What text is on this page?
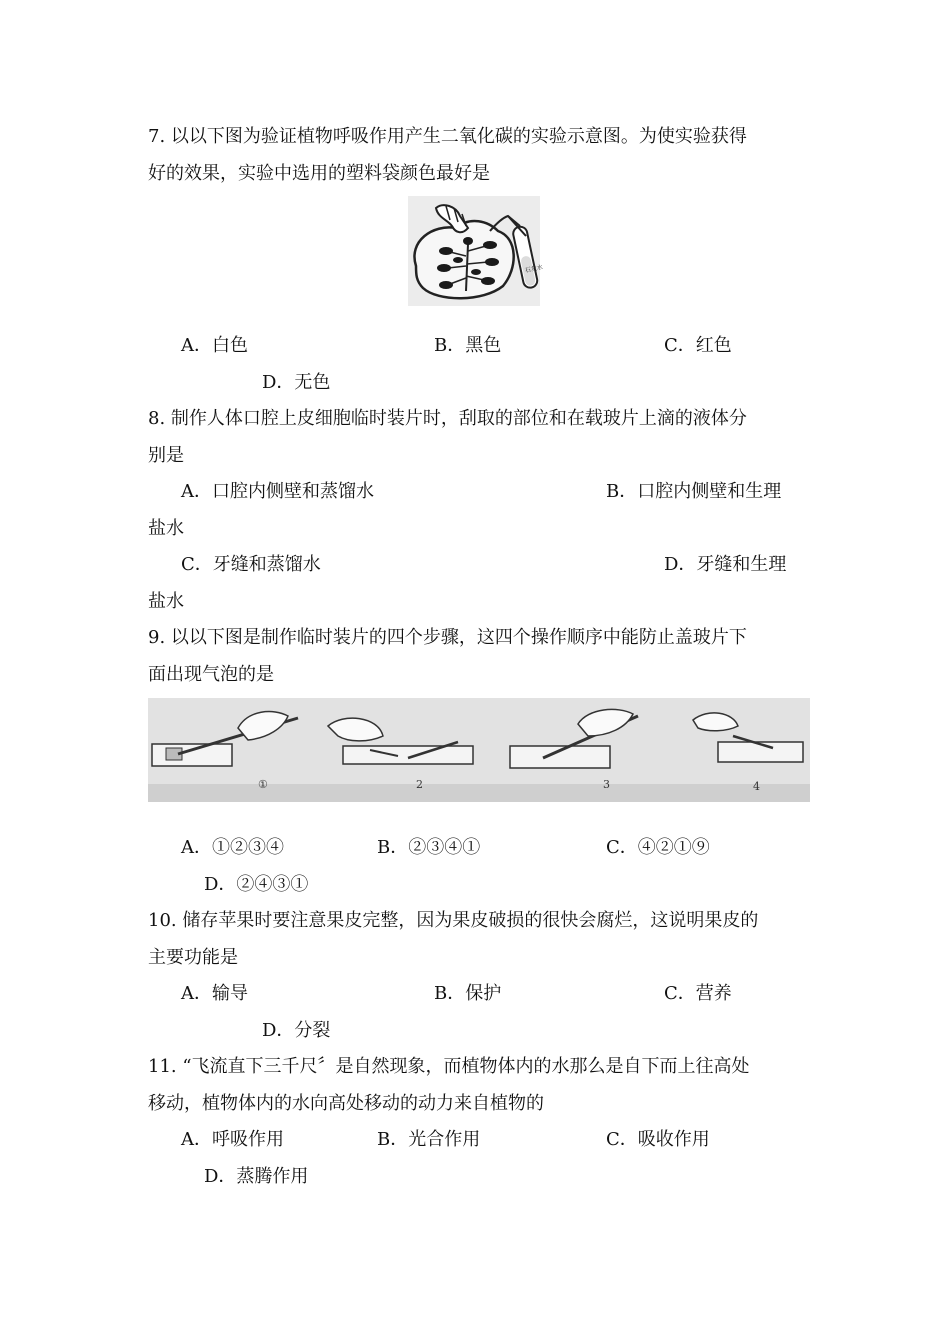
7. 以以下图为验证植物呼吸作用产生二氧化碳的实验示意图。为使实验获得
好的效果，实验中选用的塑料袋颜色最好是
石灰水
A．白色	B．黑色	C．红色
D．无色
8. 制作人体口腔上皮细胞临时装片时，刮取的部位和在载玻片上滴的液体分
别是
A．口腔内侧壁和蒸馏水	B．口腔内侧壁和生理
盐水
C．牙缝和蒸馏水	D．牙缝和生理
盐水
9. 以以下图是制作临时装片的四个步骤，这四个操作顺序中能防止盖玻片下
面出现气泡的是
①	2	3	4
A．①②③④	B．②③④①	C．④②①⑨
D．②④③①
10. 储存苹果时要注意果皮完整，因为果皮破损的很快会腐烂，这说明果皮的
主要功能是
A．输导	B．保护	C．营养
D．分裂
11. “飞流直下三千尺〞是自然现象，而植物体内的水那么是自下而上往高处
移动，植物体内的水向高处移动的动力来自植物的
A．呼吸作用	B．光合作用	C．吸收作用
D．蒸腾作用
